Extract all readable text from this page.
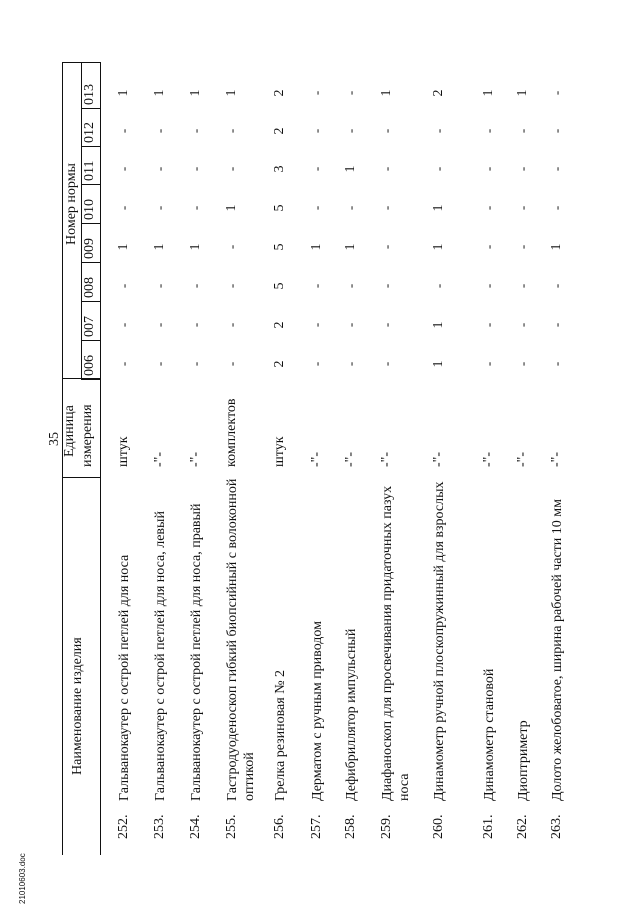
35
21010603.doc
Наименование изделия
Единица измерения
Номер нормы
006
007
008
009
010
011
012
013
252.
Гальванокаутер с острой петлей для носа
штук
-
-
-
1
-
-
-
1
253.
Гальванокаутер с острой петлей для носа, левый
-"-
-
-
-
1
-
-
-
1
254.
Гальванокаутер с острой петлей для носа, правый
-"-
-
-
-
1
-
-
-
1
255.
Гастродуоденоскоп гибкий биопсийный с волоконной оптикой
комплектов
-
-
-
-
1
-
-
1
256.
Грелка резиновая № 2
штук
2
2
5
5
5
3
2
2
257.
Дерматом с ручным приводом
-"-
-
-
-
1
-
-
-
-
258.
Дефибриллятор импульсный
-"-
-
-
-
1
-
1
-
-
259.
Диафаноскоп для просвечивания придаточных пазух носа
-"-
-
-
-
-
-
-
-
1
260.
Динамометр ручной плоскопружинный для взрослых
-"-
1
1
-
1
1
-
-
2
261.
Динамометр становой
-"-
-
-
-
-
-
-
-
1
262.
Диоптриметр
-"-
-
-
-
-
-
-
-
1
263.
Долото желобоватое, ширина рабочей части 10 мм
-"-
-
-
-
1
-
-
-
-
